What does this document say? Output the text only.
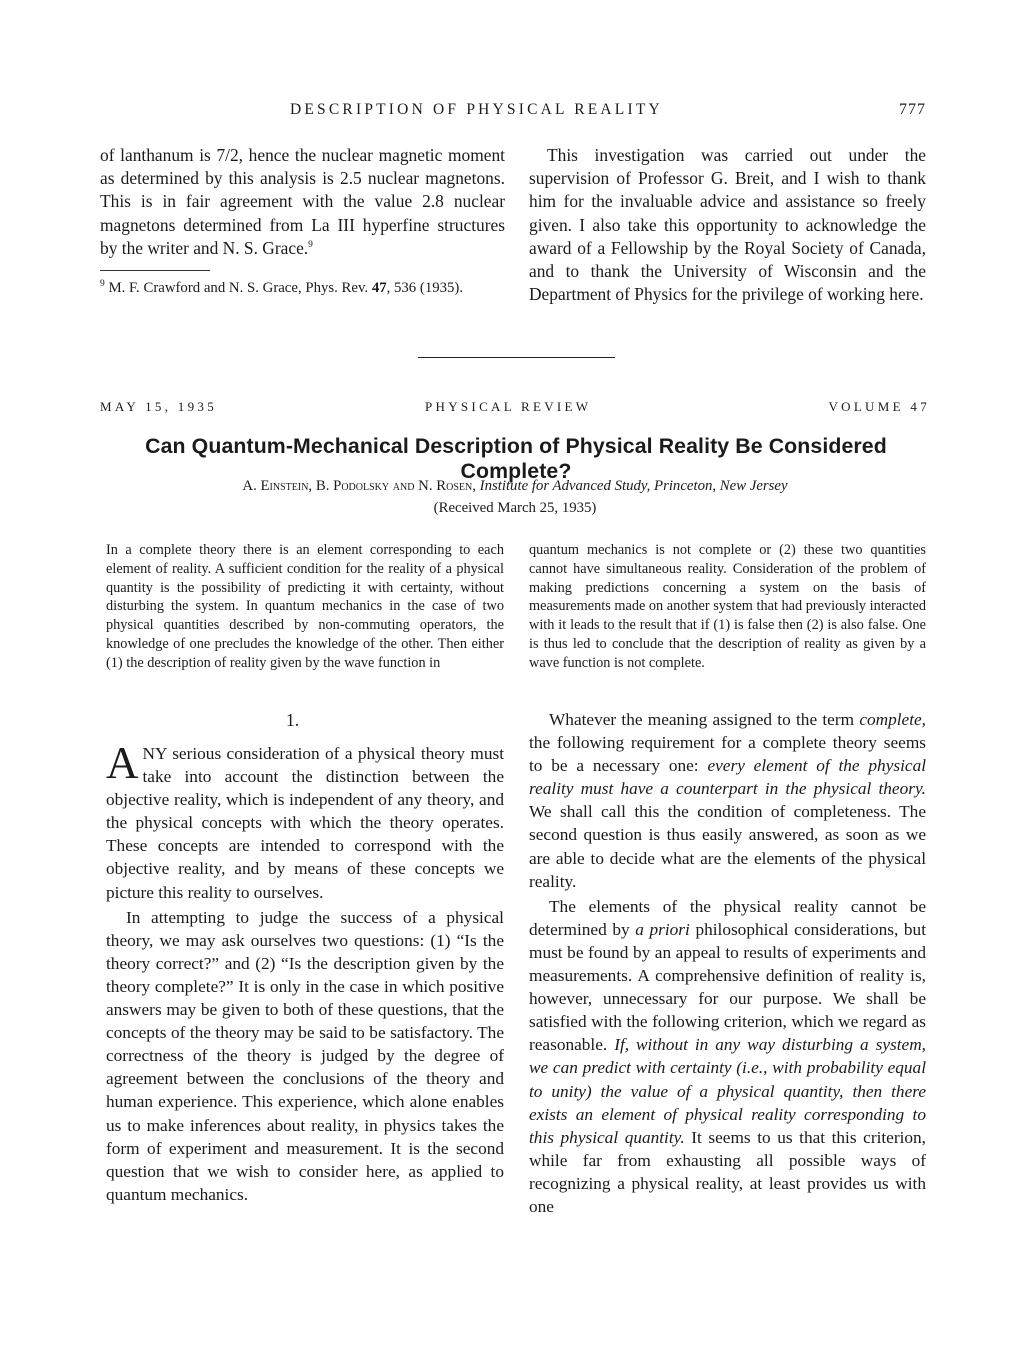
DESCRIPTION OF PHYSICAL REALITY	777

of lanthanum is 7/2, hence the nuclear magnetic moment as determined by this analysis is 2.5 nuclear magnetons. This is in fair agreement with the value 2.8 nuclear magnetons determined from La III hyperfine structures by the writer and N. S. Grace.$^9$

$^9$ M. F. Crawford and N. S. Grace, Phys. Rev. 47, 536 (1935).

This investigation was carried out under the supervision of Professor G. Breit, and I wish to thank him for the invaluable advice and assistance so freely given. I also take this opportunity to acknowledge the award of a Fellowship by the Royal Society of Canada, and to thank the University of Wisconsin and the Department of Physics for the privilege of working here.

MAY 15, 1935	PHYSICAL REVIEW	VOLUME 47
Can Quantum-Mechanical Description of Physical Reality Be Considered Complete?
A. Einstein, B. Podolsky and N. Rosen, Institute for Advanced Study, Princeton, New Jersey
(Received March 25, 1935)
In a complete theory there is an element corresponding to each element of reality. A sufficient condition for the reality of a physical quantity is the possibility of predicting it with certainty, without disturbing the system. In quantum mechanics in the case of two physical quantities described by non-commuting operators, the knowledge of one precludes the knowledge of the other. Then either (1) the description of reality given by the wave function in
quantum mechanics is not complete or (2) these two quantities cannot have simultaneous reality. Consideration of the problem of making predictions concerning a system on the basis of measurements made on another system that had previously interacted with it leads to the result that if (1) is false then (2) is also false. One is thus led to conclude that the description of reality as given by a wave function is not complete.
1.

ANY serious consideration of a physical theory must take into account the distinction between the objective reality, which is independent of any theory, and the physical concepts with which the theory operates. These concepts are intended to correspond with the objective reality, and by means of these concepts we picture this reality to ourselves.

In attempting to judge the success of a physical theory, we may ask ourselves two questions: (1) “Is the theory correct?” and (2) “Is the description given by the theory complete?” It is only in the case in which positive answers may be given to both of these questions, that the concepts of the theory may be said to be satisfactory. The correctness of the theory is judged by the degree of agreement between the conclusions of the theory and human experience. This experience, which alone enables us to make inferences about reality, in physics takes the form of experiment and measurement. It is the second question that we wish to consider here, as applied to quantum mechanics.

Whatever the meaning assigned to the term complete, the following requirement for a complete theory seems to be a necessary one: every element of the physical reality must have a counterpart in the physical theory. We shall call this the condition of completeness. The second question is thus easily answered, as soon as we are able to decide what are the elements of the physical reality.

The elements of the physical reality cannot be determined by a priori philosophical considerations, but must be found by an appeal to results of experiments and measurements. A comprehensive definition of reality is, however, unnecessary for our purpose. We shall be satisfied with the following criterion, which we regard as reasonable. If, without in any way disturbing a system, we can predict with certainty (i.e., with probability equal to unity) the value of a physical quantity, then there exists an element of physical reality corresponding to this physical quantity. It seems to us that this criterion, while far from exhausting all possible ways of recognizing a physical reality, at least provides us with one
